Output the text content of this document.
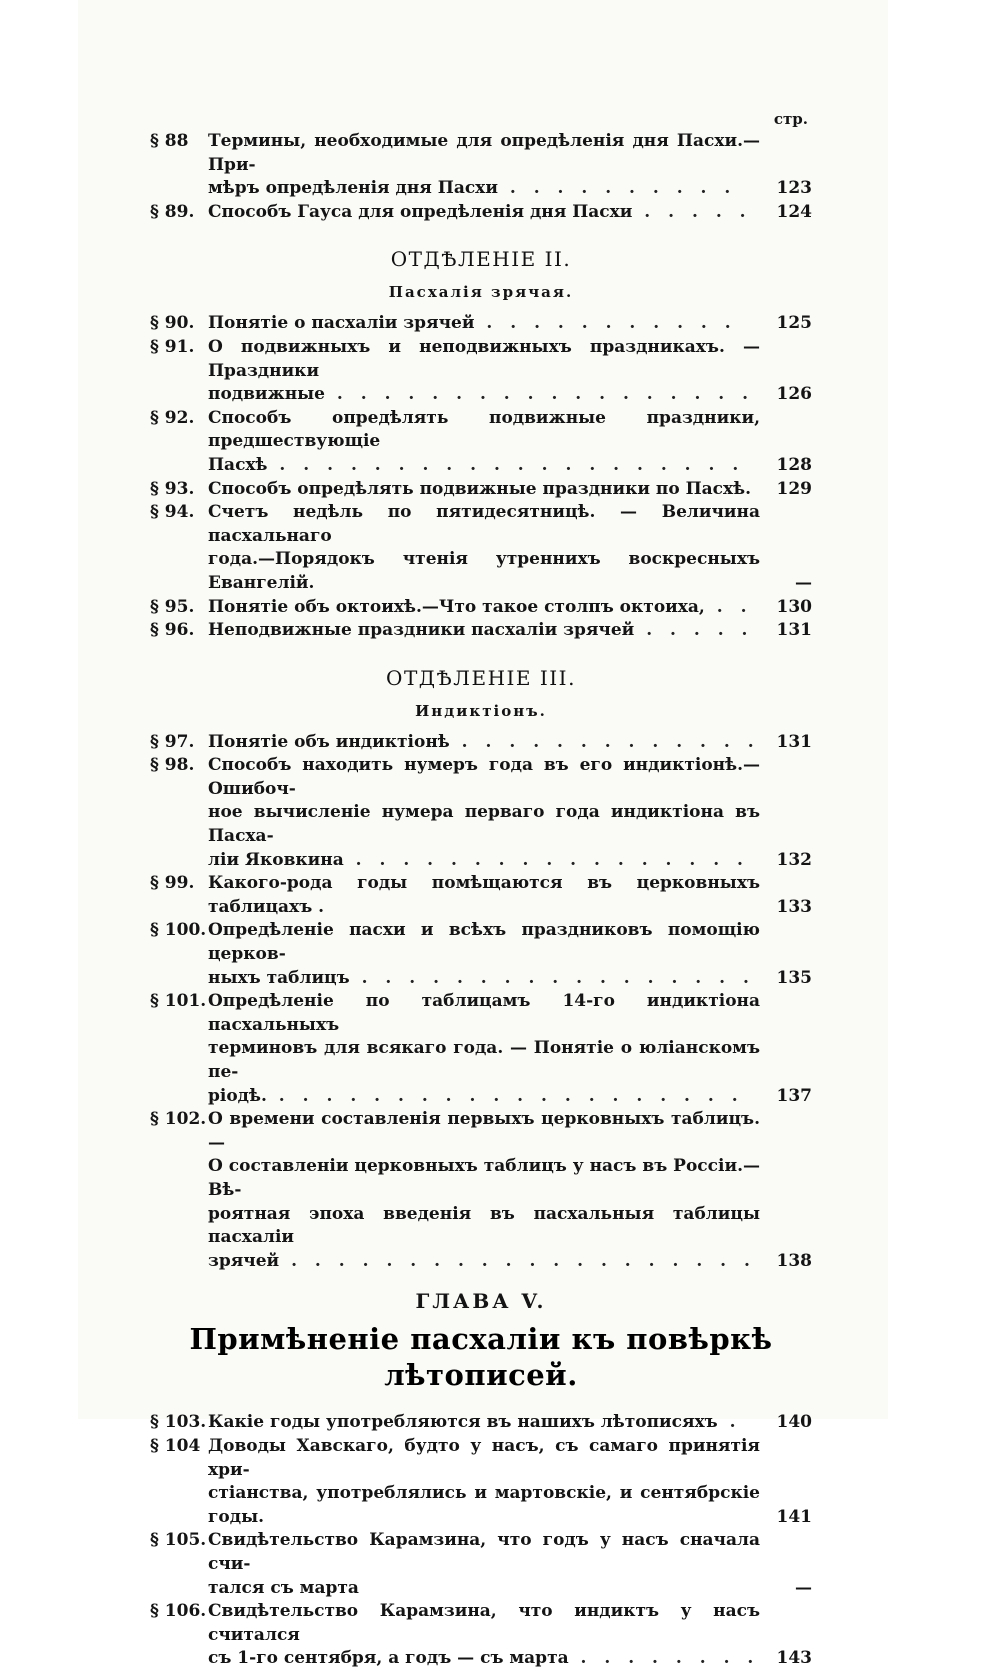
стр.
§ 88	Термины, необходимые для опредѣленія дня Пасхи.—При-
мѣръ опредѣленія дня Пасхи . . . . . . . . . .	123
§ 89. Способъ Гауса для опредѣленія дня Пасхи . . . . .	124
ОТДѢЛЕНІЕ II.
Пасхалія зрячая.
§ 90. Понятіе о пасхаліи зрячей . . . . . . . . . . .	125
§ 91. О подвижныхъ и неподвижныхъ праздникахъ. — Праздники
подвижные . . . . . . . . . . . . . . . . . .	126
§ 92. Способъ опредѣлять подвижные праздники, предшествующіе
Пасхѣ . . . . . . . . . . . . . . . . . . . .	128
§ 93. Способъ опредѣлять подвижные праздники по Пасхѣ.	129
§ 94. Счетъ недѣль по пятидесятницѣ. — Величина пасхальнаго
года.—Порядокъ чтенія утреннихъ воскресныхъ Евангелій.	—
§ 95. Понятіе объ октоихѣ.—Что такое столпъ октоиха, . .	130
§ 96. Неподвижные праздники пасхаліи зрячей . . . . .	131
ОТДѢЛЕНІЕ III.
Индиктіонъ.
§ 97. Понятіе объ индиктіонѣ . . . . . . . . . . . . . 131
§ 98. Способъ находить нумеръ года въ его индиктіонѣ.—Ошибоч-
ное вычисленіе нумера перваго года индиктіона въ Пасха-
ліи Яковкина . . . . . . . . . . . . . . . . .	132
§ 99. Какого-рода годы помѣщаются въ церковныхъ таблицахъ .	133
§ 100. Опредѣленіе пасхи и всѣхъ праздниковъ помощію церков-
ныхъ таблицъ . . . . . . . . . . . . . . . . .	135
§ 101. Опредѣленіе по таблицамъ 14-го индиктіона пасхальныхъ
терминовъ для всякаго года. — Понятіе о юліанскомъ пе-
ріодѣ. . . . . . . . . . . . . . . . . . . . .	137
§ 102. О времени составленія первыхъ церковныхъ таблицъ. —
О составленіи церковныхъ таблицъ у насъ въ Россіи.—Вѣ-
роятная эпоха введенія въ пасхальныя таблицы пасхаліи
зрячей . . . . . . . . . . . . . . . . . . . .	138
ГЛАВА V.
Примѣненіе пасхаліи къ повѣркѣ
лѣтописей.
§ 103. Какіе годы употребляются въ нашихъ лѣтописяхъ .	140
§ 104 Доводы Хавскаго, будто у насъ, съ самаго принятія хри-
стіанства, употреблялись и мартовскіе, и сентябрскіе годы.	141
§ 105. Свидѣтельство Карамзина, что годъ у насъ сначала счи-
тался съ марта	—
§ 106. Свидѣтельство Карамзина, что индиктъ у насъ считался
съ 1-го сентября, а годъ — съ марта . . . . . . . .	143
